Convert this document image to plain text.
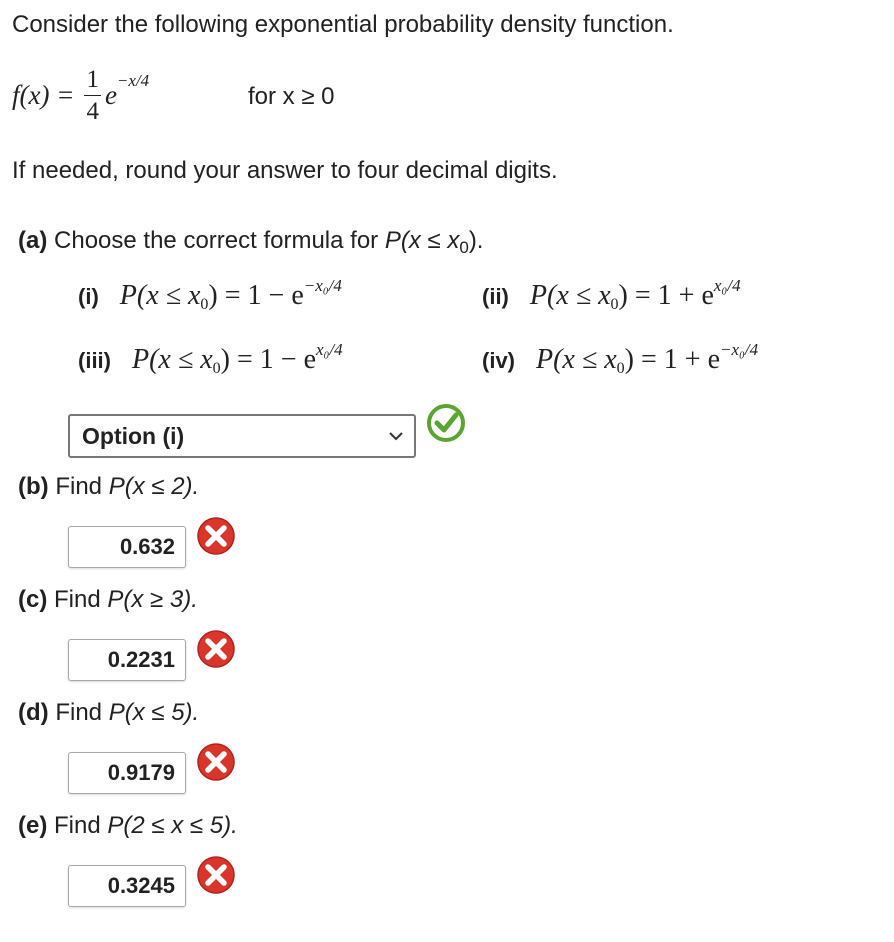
Consider the following exponential probability density function.
$f(x) = \frac{1}{4}$ e −x/4
for x ≥ 0
If needed, round your answer to four decimal digits.
(a) Choose the correct formula for $P(x \le x_0)$.
(i) $P(x \le x0) = 1 - e^{-x_0/4}$	(ii) $P(x \le x0) = 1 + e^{x_0/4}$
(iii) $P(x \le x0) = 1 - e^{x_0/4}$	(iv) $P(x \le x0) = 1 + e^{-x_0/4}$
Option (i)
(b) Find P(x ≤ 2).
0.632
(c) Find P(x ≥ 3).
0.2231
(d) Find P(x ≤ 5).
0.9179
(e) Find P(2 ≤ x ≤ 5).
0.3245
